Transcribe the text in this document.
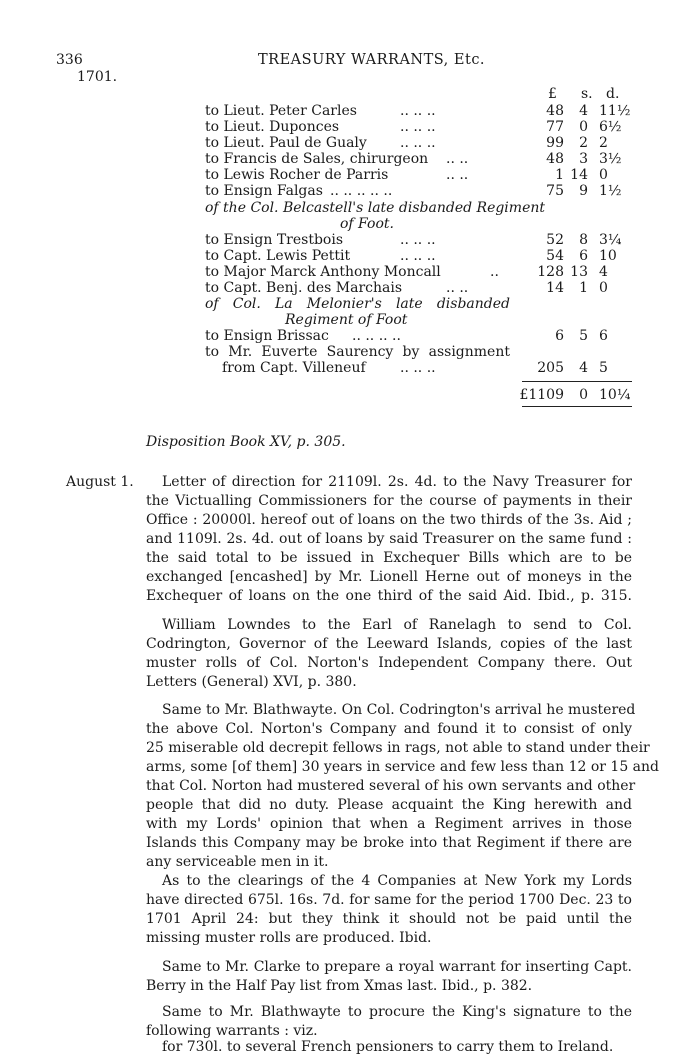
336	TREASURY WARRANTS, Etc.
1701.
£ s. d.
to Lieut. Peter Carles	.. .. ..	48 4 11½
to Lieut. Duponces	.. .. ..	77 0 6½
to Lieut. Paul de Gualy .. .. ..	99 2 2
to Francis de Sales, chirurgeon .. ..	48 3 3½
to Lewis Rocher de Parris	.. ..	1 14 0
to Ensign Falgas .. .. .. .. ..	75 9 1½
of the Col. Belcastell's late disbanded Regiment
of Foot.
to Ensign Trestbois	.. .. ..	52 8 3¼
to Capt. Lewis Pettit	.. .. ..	54 6 10
to Major Marck Anthony Moncall	..	128 13 4
to Capt. Benj. des Marchais	.. ..	14 1 0
of Col. La Melonier's late disbanded
Regiment of Foot
to Ensign Brissac .. .. .. ..	6 5 6
to Mr. Euverte Saurency by assignment
from Capt. Villeneuf .. .. ..	205 4 5
£1109 0 10¼
Disposition Book XV, p. 305.
August 1.	Letter of direction for 21109l. 2s. 4d. to the Navy Treasurer for
the Victualling Commissioners for the course of payments in their
Office : 20000l. hereof out of loans on the two thirds of the 3s. Aid ;
and 1109l. 2s. 4d. out of loans by said Treasurer on the same fund :
the said total to be issued in Exchequer Bills which are to be
exchanged [encashed] by Mr. Lionell Herne out of moneys in the
Exchequer of loans on the one third of the said Aid. Ibid., p. 315.
William Lowndes to the Earl of Ranelagh to send to Col.
Codrington, Governor of the Leeward Islands, copies of the last
muster rolls of Col. Norton's Independent Company there. Out
Letters (General) XVI, p. 380.
Same to Mr. Blathwayte. On Col. Codrington's arrival he mustered
the above Col. Norton's Company and found it to consist of only
25 miserable old decrepit fellows in rags, not able to stand under their
arms, some [of them] 30 years in service and few less than 12 or 15 and
that Col. Norton had mustered several of his own servants and other
people that did no duty. Please acquaint the King herewith and
with my Lords' opinion that when a Regiment arrives in those
Islands this Company may be broke into that Regiment if there are
any serviceable men in it.
As to the clearings of the 4 Companies at New York my Lords
have directed 675l. 16s. 7d. for same for the period 1700 Dec. 23 to
1701 April 24: but they think it should not be paid until the
missing muster rolls are produced. Ibid.
Same to Mr. Clarke to prepare a royal warrant for inserting Capt.
Berry in the Half Pay list from Xmas last. Ibid., p. 382.
Same to Mr. Blathwayte to procure the King's signature to the
following warrants : viz.
for 730l. to several French pensioners to carry them to Ireland.
